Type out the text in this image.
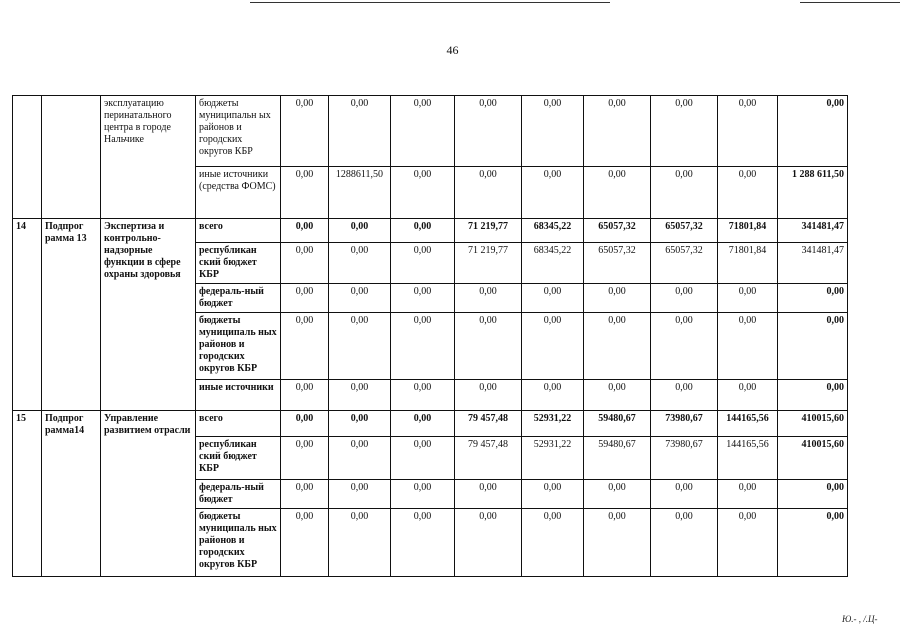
46
		эксплуатацию перинатального центра в городе Нальчике	бюджеты муниципальн ых районов и городских округов КБР	0,00	0,00	0,00	0,00	0,00	0,00	0,00	0,00	0,00
			иные источники (средства ФОМС)	0,00	1288611,50	0,00	0,00	0,00	0,00	0,00	0,00	1 288 611,50
14	Подпрог рамма 13	Экспертиза и контрольно-надзорные функции в сфере охраны здоровья	всего	0,00	0,00	0,00	71 219,77	68345,22	65057,32	65057,32	71801,84	341481,47
			республикан ский бюджет КБР	0,00	0,00	0,00	71 219,77	68345,22	65057,32	65057,32	71801,84	341481,47
			федераль-ный бюджет	0,00	0,00	0,00	0,00	0,00	0,00	0,00	0,00	0,00
			бюджеты муниципаль ных районов и городских округов КБР	0,00	0,00	0,00	0,00	0,00	0,00	0,00	0,00	0,00
			иные источники	0,00	0,00	0,00	0,00	0,00	0,00	0,00	0,00	0,00
15	Подпрог рамма14	Управление развитием отрасли	всего	0,00	0,00	0,00	79 457,48	52931,22	59480,67	73980,67	144165,56	410015,60
			республикан ский бюджет КБР	0,00	0,00	0,00	79 457,48	52931,22	59480,67	73980,67	144165,56	410015,60
			федераль-ный бюджет	0,00	0,00	0,00	0,00	0,00	0,00	0,00	0,00	0,00
			бюджеты муниципаль ных районов и городских округов КБР	0,00	0,00	0,00	0,00	0,00	0,00	0,00	0,00	0,00
Ю.- , /.Ц-
